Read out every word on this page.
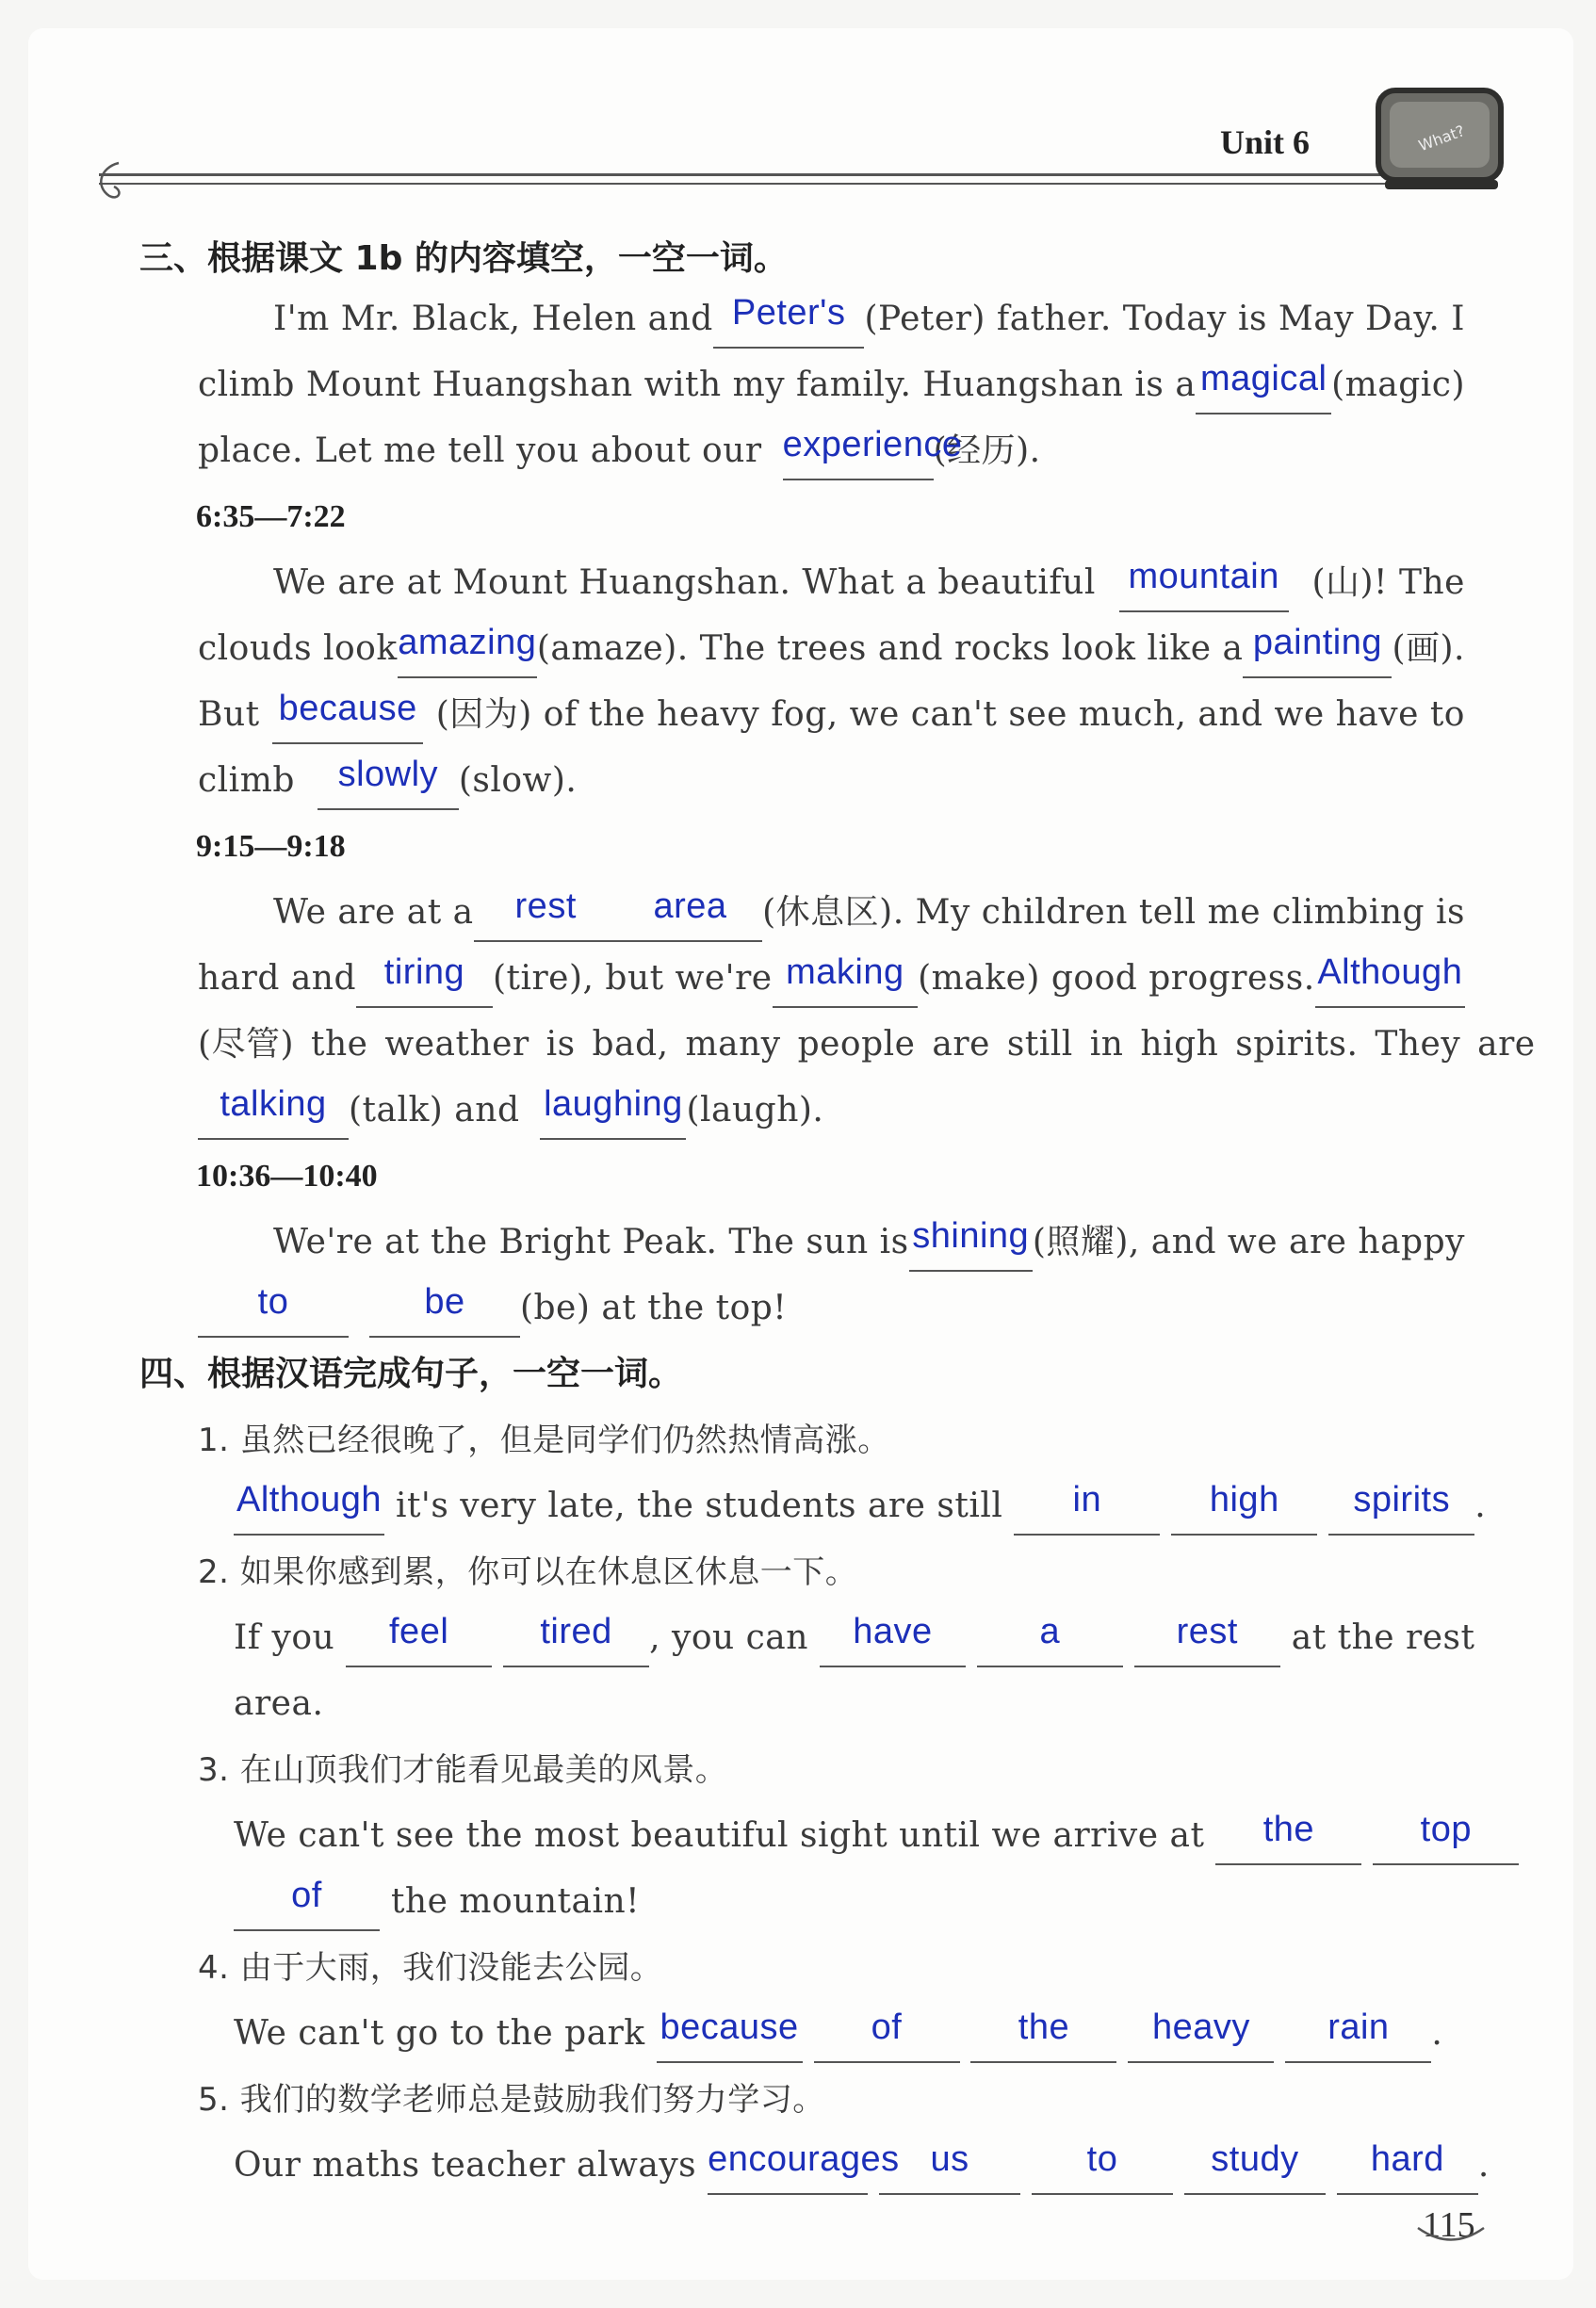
Unit 6	What?
三、根据课文 1b 的内容填空，一空一词。
I'm Mr. Black, Helen and Peter's (Peter) father. Today is May Day. I
climb Mount Huangshan with my family. Huangshan is a magical (magic)
place. Let me tell you about our experience(经历).
6:35—7:22
We are at Mount Huangshan. What a beautiful mountain (山)! The
clouds look amazing (amaze). The trees and rocks look like a painting (画).
But because (因为) of the heavy fog, we can't see much, and we have to
climb slowly (slow).
9:15—9:18
We are at a	rest	area	(休息区). My children tell me climbing is
hard and tiring (tire), but we're making (make) good progress. Although
(尽管) the weather is bad, many people are still in high spirits. They are
talking (talk) and laughing (laugh).
10:36—10:40
We're at the Bright Peak. The sun is shining (照耀), and we are happy
to	be (be) at the top!
四、根据汉语完成句子，一空一词。
1. 虽然已经很晚了，但是同学们仍然热情高涨。
Although it's very late, the students are still in	high spirits .
2. 如果你感到累，你可以在休息区休息一下。
If you feel	tired , you can have	a	rest at the rest
area.
3. 在山顶我们才能看见最美的风景。
We can't see the most beautiful sight until we arrive at the	top
of the mountain!
4. 由于大雨，我们没能去公园。
We can't go to the park because of	the heavy rain .
5. 我们的数学老师总是鼓励我们努力学习。
Our maths teacher always encourages us	to	study hard .
115
